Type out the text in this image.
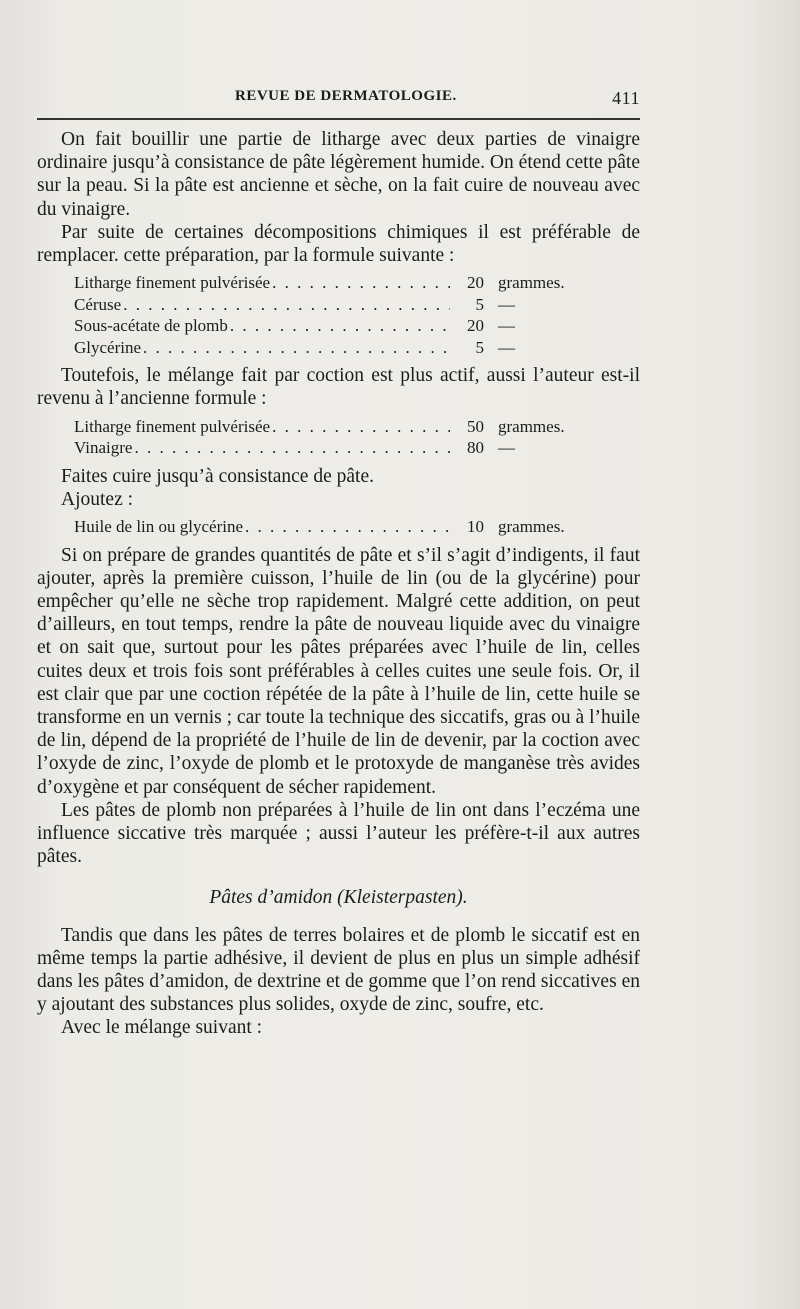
REVUE DE DERMATOLOGIE.	411

On fait bouillir une partie de litharge avec deux parties de vinaigre ordinaire jusqu’à consistance de pâte légèrement humide. On étend cette pâte sur la peau. Si la pâte est ancienne et sèche, on la fait cuire de nouveau avec du vinaigre.

Par suite de certaines décompositions chimiques il est préférable de remplacer. cette préparation, par la formule suivante :

Litharge finement pulvérisée . . .	20 grammes.
Céruse . . .	5 —
Sous-acétate de plomb . . .	20 —
Glycérine . . .	5 —

Toutefois, le mélange fait par coction est plus actif, aussi l’auteur est-il revenu à l’ancienne formule :

Litharge finement pulvérisée . . .	50 grammes.
Vinaigre . . .	80 —

Faites cuire jusqu’à consistance de pâte.

Ajoutez :

Huile de lin ou glycérine . . .	10 grammes.

Si on prépare de grandes quantités de pâte et s’il s’agit d’indigents, il faut ajouter, après la première cuisson, l’huile de lin (ou de la glycérine) pour empêcher qu’elle ne sèche trop rapidement. Malgré cette addition, on peut d’ailleurs, en tout temps, rendre la pâte de nouveau liquide avec du vinaigre et on sait que, surtout pour les pâtes préparées avec l’huile de lin, celles cuites deux et trois fois sont préférables à celles cuites une seule fois. Or, il est clair que par une coction répétée de la pâte à l’huile de lin, cette huile se transforme en un vernis ; car toute la technique des siccatifs, gras ou à l’huile de lin, dépend de la propriété de l’huile de lin de devenir, par la coction avec l’oxyde de zinc, l’oxyde de plomb et le protoxyde de manganèse très avides d’oxygène et par conséquent de sécher rapidement.

Les pâtes de plomb non préparées à l’huile de lin ont dans l’eczéma une influence siccative très marquée ; aussi l’auteur les préfère-t-il aux autres pâtes.

Pâtes d’amidon (Kleisterpasten).

Tandis que dans les pâtes de terres bolaires et de plomb le siccatif est en même temps la partie adhésive, il devient de plus en plus un simple adhésif dans les pâtes d’amidon, de dextrine et de gomme que l’on rend siccatives en y ajoutant des substances plus solides, oxyde de zinc, soufre, etc.

Avec le mélange suivant :
